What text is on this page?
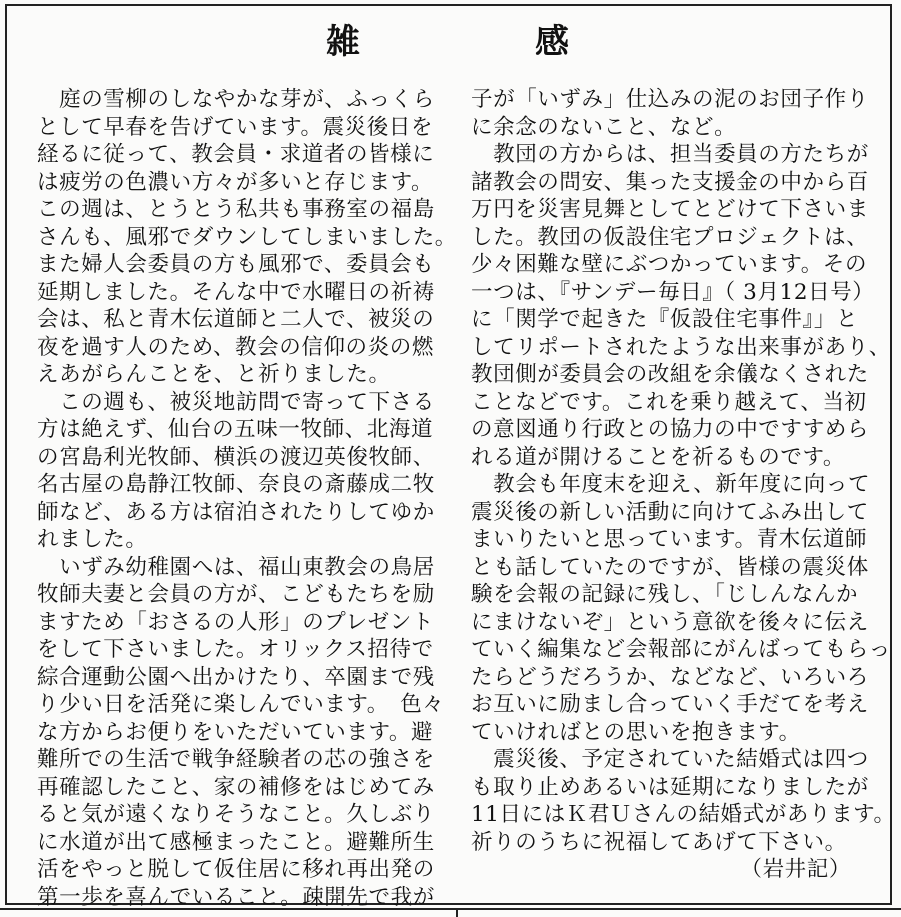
雑	感
　庭の雪柳のしなやかな芽が、ふっくら
として早春を告げています。震災後日を
経るに従って、教会員・求道者の皆様に
は疲労の色濃い方々が多いと存じます。
この週は、とうとう私共も事務室の福島
さんも、風邪でダウンしてしまいました。
また婦人会委員の方も風邪で、委員会も
延期しました。そんな中で水曜日の祈祷
会は、私と青木伝道師と二人で、被災の
夜を過す人のため、教会の信仰の炎の燃
えあがらんことを、と祈りました。
　この週も、被災地訪問で寄って下さる
方は絶えず、仙台の五味一牧師、北海道
の宮島利光牧師、横浜の渡辺英俊牧師、
名古屋の島静江牧師、奈良の斎藤成二牧
師など、ある方は宿泊されたりしてゆか
れました。
　いずみ幼稚園へは、福山東教会の鳥居
牧師夫妻と会員の方が、こどもたちを励
ますため「おさるの人形」のプレゼント
をして下さいました。オリックス招待で
綜合運動公園へ出かけたり、卒園まで残
り少い日を活発に楽しんでいます。　色々
な方からお便りをいただいています。避
難所での生活で戦争経験者の芯の強さを
再確認したこと、家の補修をはじめてみ
ると気が遠くなりそうなこと。久しぶり
に水道が出て感極まったこと。避難所生
活をやっと脱して仮住居に移れ再出発の
第一歩を喜んでいること。疎開先で我が
子が「いずみ」仕込みの泥のお団子作り
に余念のないこと、など。
　教団の方からは、担当委員の方たちが
諸教会の問安、集った支援金の中から百
万円を災害見舞としてとどけて下さいま
した。教団の仮設住宅プロジェクトは、
少々困難な壁にぶつかっています。その
一つは、『サンデー毎日』（ 3月12日号）
に「関学で起きた『仮設住宅事件』」と
してリポートされたような出来事があり、
教団側が委員会の改組を余儀なくされた
ことなどです。これを乗り越えて、当初
の意図通り行政との協力の中ですすめら
れる道が開けることを祈るものです。
　教会も年度末を迎え、新年度に向って
震災後の新しい活動に向けてふみ出して
まいりたいと思っています。青木伝道師
とも話していたのですが、皆様の震災体
験を会報の記録に残し、「じしんなんか
にまけないぞ」という意欲を後々に伝え
ていく編集など会報部にがんばってもらっ
たらどうだろうか、などなど、いろいろ
お互いに励まし合っていく手だてを考え
ていければとの思いを抱きます。
　震災後、予定されていた結婚式は四つ
も取り止めあるいは延期になりましたが
11日にはＫ君Ｕさんの結婚式があります。
祈りのうちに祝福してあげて下さい。
（岩井記）
